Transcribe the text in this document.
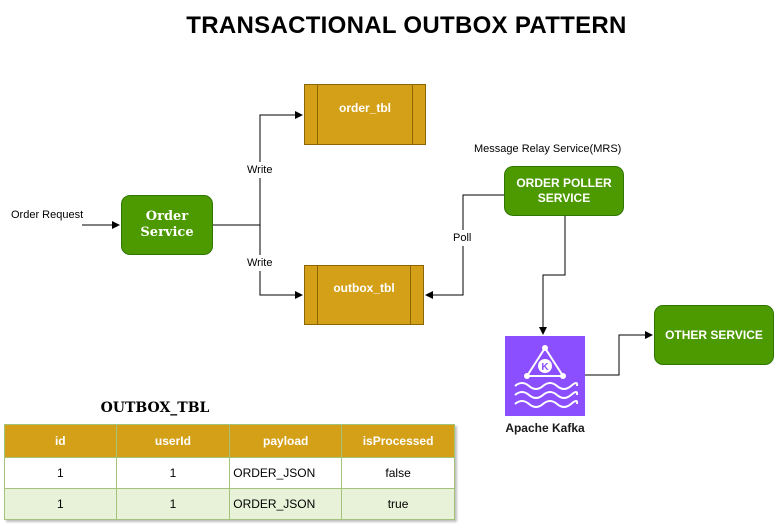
TRANSACTIONAL OUTBOX PATTERN
Order Request	Order Service
order_tbl
outbox_tbl
Write
Write
Poll
Message Relay Service(MRS)
ORDER POLLER SERVICE
OTHER SERVICE
K
Apache Kafka
OUTBOX_TBL
id	userId	payload	isProcessed
1	1	ORDER_JSON	false
1	1	ORDER_JSON	true
